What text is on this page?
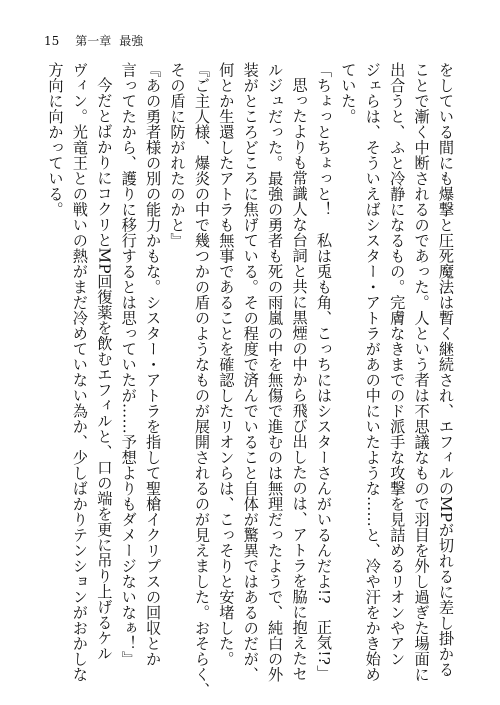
15 第一章 最強

をしている間にも爆撃と圧死魔法は暫く継続され、エフィルのMPが切れるに差し掛かる

ことで漸く中断されるのであった。人という者は不思議なもので羽目を外し過ぎた場面に

出合うと、ふと冷静になるもの。完膚なきまでのド派手な攻撃を見詰めるリオンやアン

ジェらは、そういえばシスター・アトラがあの中にいたような……と、冷や汗をかき始め

ていた。

「ちょっとちょっと！　私は兎も角、こっちにはシスターさんがいるんだよ!?　正気!?」

思ったよりも常識人な台詞と共に黒煙の中から飛び出したのは、アトラを脇に抱えたセ

ルジュだった。最強の勇者も死の雨嵐の中を無傷で進むのは無理だったようで、純白の外

装がところどころに焦げている。その程度で済んでいること自体が驚異ではあるのだが、

何とか生還したアトラも無事であることを確認したリオンらは、こっそりと安堵した。

『ご主人様、爆炎の中で幾つかの盾のようなものが展開されるのが見えました。おそらく、

その盾に防がれたのかと』

『あの勇者様の別の能力かもな。シスター・アトラを指して聖槍イクリプスの回収とか

言ってたから、護りに移行するとは思っていたが……予想よりもダメージないなぁ！』

今だとばかりにコクリとMP回復薬を飲むエフィルと、口の端を更に吊り上げるケル

ヴィン。光竜王との戦いの熱がまだ冷めていない為か、少しばかりテンションがおかしな

方向に向かっている。
